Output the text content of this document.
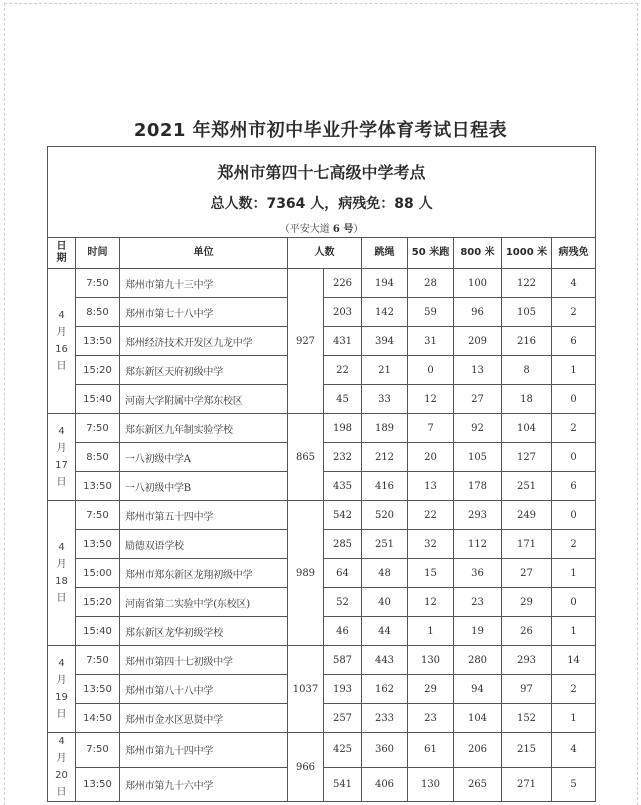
2021 年郑州市初中毕业升学体育考试日程表
郑州市第四十七高级中学考点									
总人数：7364 人，病残免：88 人									
（平安大道 6 号）									
日期	时间	单位	人数		跳绳	50 米跑	800 米	1000 米	病残免

4
月
16
日	7:50	郑州市第九十三中学	927	226	194	28	100	122	4
	8:50	郑州市第七十八中学		203	142	59	96	105	2
	13:50	郑州经济技术开发区九龙中学		431	394	31	209	216	6
	15:20	郑东新区天府初级中学		22	21	0	13	8	1
	15:40	河南大学附属中学郑东校区		45	33	12	27	18	0

4
月
17
日	7:50	郑东新区九年制实验学校	865	198	189	7	92	104	2
	8:50	一八初级中学A		232	212	20	105	127	0
	13:50	一八初级中学B		435	416	13	178	251	6

4
月
18
日	7:50	郑州市第五十四中学	989	542	520	22	293	249	0
	13:50	励德双语学校		285	251	32	112	171	2
	15:00	郑州市郑东新区龙翔初级中学		64	48	15	36	27	1
	15:20	河南省第二实验中学(东校区)		52	40	12	23	29	0
	15:40	郑东新区龙华初级学校		46	44	1	19	26	1

4
月
19
日	7:50	郑州市第四十七初级中学	1037	587	443	130	280	293	14
	13:50	郑州市第八十八中学		193	162	29	94	97	2
	14:50	郑州市金水区思贤中学		257	233	23	104	152	1

4
月
20
日	7:50	郑州市第九十四中学	966	425	360	61	206	215	4
	13:50	郑州市第九十六中学		541	406	130	265	271	5
